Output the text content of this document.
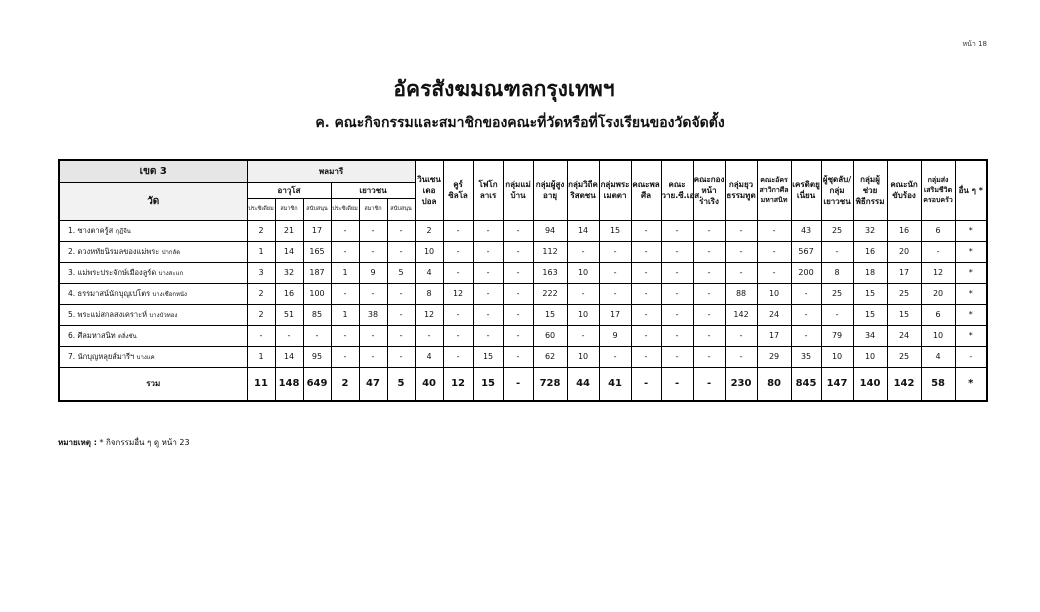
หน้า 18
อัครสังฆมณฑลกรุงเทพฯ
ค. คณะกิจกรรมและสมาชิกของคณะที่วัดหรือที่โรงเรียนของวัดจัดตั้ง
เขต 3	พลมารี						วินเซนเดอปอล	คูร์ซิลโล	โฟโกลาเร	กลุ่มแม่บ้าน	กลุ่มผู้สูงอายุ	กลุ่มวิถีคริสตชน	กลุ่มพระเมตตา	คณะพลศีล	คณะวาย.ซี.เอส.	คณะกองหน้าร่าเริง	กลุ่มยุวธรรมทูต	คณะอัครสาวิกาศีลมหาสนิท	เครดิตยูเนี่ยน	ผู้ชุดลับ/กลุ่มเยาวชน	กลุ่มผู้ช่วยพิธีกรรม	คณะนักขับร้อง	กลุ่มส่งเสริมชีวิตครอบครัว	อื่น ๆ *
วัด	อาวุโส			เยาวชน																				
	ประซิเดียม	สมาชิก	สนับสนุน	ประซิเดียม	สมาชิก	สนับสนุน																		
1. ซางตาครู้ส กุฎีจีน	2	21	17	-	-	-	2	-	-	-	94	14	15	-	-	-	-	-	43	25	32	16	6	*
2. ดวงหทัยนิรมลของแม่พระ ปากลัด	1	14	165	-	-	-	10	-	-	-	112	-	-	-	-	-	-	-	567	-	16	20	-	*
3. แม่พระประจักษ์เมืองลูร์ด บางสะแก	3	32	187	1	9	5	4	-	-	-	163	10	-	-	-	-	-	-	200	8	18	17	12	*
4. ธรรมาสน์นักบุญเปโตร บางเชือกหนัง	2	16	100	-	-	-	8	12	-	-	222	-	-	-	-	-	88	10	-	25	15	25	20	*
5. พระแม่สกลสงเคราะห์ บางบัวทอง	2	51	85	1	38	-	12	-	-	-	15	10	17	-	-	-	142	24	-	-	15	15	6	*
6. ศีลมหาสนิท ตลิ่งชัน	-	-	-	-	-	-	-	-	-	-	60	-	9	-	-	-	-	17	-	79	34	24	10	*
7. นักบุญหลุยส์มารีฯ บางแค	1	14	95	-	-	-	4	-	15	-	62	10	-	-	-	-	-	29	35	10	10	25	4	-
รวม	11	148	649	2	47	5	40	12	15	-	728	44	41	-	-	-	230	80	845	147	140	142	58	*
หมายเหตุ : * กิจกรรมอื่น ๆ ดู หน้า 23
